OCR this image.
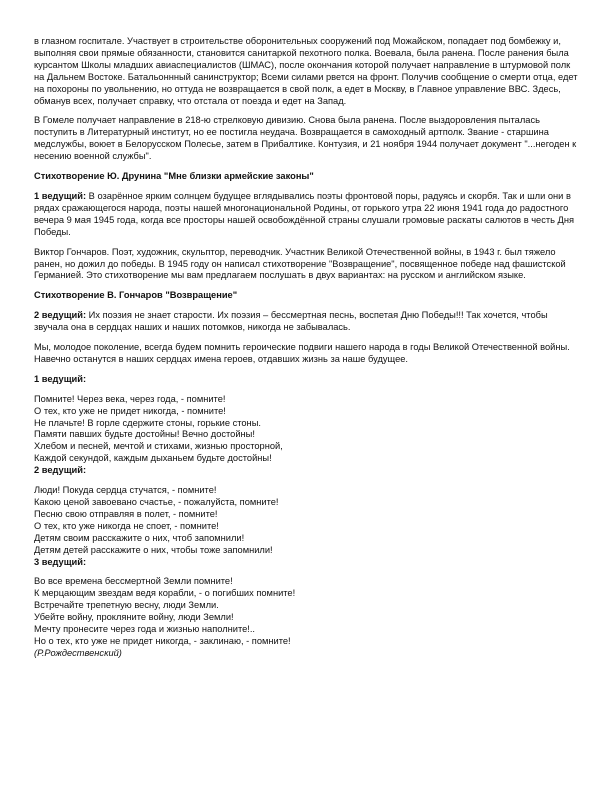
в глазном госпитале. Участвует в строительстве оборонительных сооружений под Можайском, попадает под бомбежку и, выполняя свои прямые обязанности, становится санитаркой пехотного полка. Воевала, была ранена. После ранения была курсантом Школы младших авиаспециалистов (ШМАС), после окончания которой получает направление в штурмовой полк на Дальнем Востоке. Батальоннный санинструктор; Всеми силами рвется на фронт. Получив сообщение о смерти отца, едет на похороны по увольнению, но оттуда не возвращается в свой полк, а едет в Москву, в Главное управление ВВС. Здесь, обманув всех, получает справку, что отстала от поезда и едет на Запад.

В Гомеле получает направление в 218-ю стрелковую дивизию. Снова была ранена. После выздоровления пыталась поступить в Литературный институт, но ее постигла неудача. Возвращается в самоходный артполк. Звание - старшина медслужбы, воюет в Белорусском Полесье, затем в Прибалтике. Контузия, и 21 ноября 1944 получает документ "...негоден к несению военной службы".

Стихотворение Ю. Друнина "Мне близки армейские законы"

1 ведущий: В озарённое ярким солнцем будущее вглядывались поэты фронтовой поры, радуясь и скорбя. Так и шли они в рядах сражающегося народа, поэты нашей многонациональной Родины, от горького утра 22 июня 1941 года до радостного вечера 9 мая 1945 года, когда все просторы нашей освобождённой страны слушали громовые раскаты салютов в честь Дня Победы.

Виктор Гончаров. Поэт, художник, скульптор, переводчик. Участник Великой Отечественной войны, в 1943 г. был тяжело ранен, но дожил до победы. В 1945 году он написал стихотворение "Возвращение", посвященное победе над фашистской Германией. Это стихотворение мы вам предлагаем послушать в двух вариантах: на русском и английском языке.

Стихотворение В. Гончаров "Возвращение"

2 ведущий: Их поэзия не знает старости. Их поэзия – бессмертная песнь, воспетая Дню Победы!!! Так хочется, чтобы звучала она в сердцах наших и наших потомков, никогда не забывалась.

Мы, молодое поколение, всегда будем помнить героические подвиги нашего народа в годы Великой Отечественной войны. Навечно останутся в наших сердцах имена героев, отдавших жизнь за наше будущее.

1 ведущий:

Помните! Через века, через года, - помните!
О тех, кто уже не придет никогда, - помните!
Не плачьте! В горле сдержите стоны, горькие стоны.
Памяти павших будьте достойны! Вечно достойны!
Хлебом и песней, мечтой и стихами, жизнью просторной,
Каждой секундой, каждым дыханьем будьте достойны!

2 ведущий:

Люди! Покуда сердца стучатся, - помните!
Какою ценой завоевано счастье, - пожалуйста, помните!
Песню свою отправляя в полет, - помните!
О тех, кто уже никогда не споет, - помните!
Детям своим расскажите о них, чтоб запомнили!
Детям детей расскажите о них, чтобы тоже запомнили!

3 ведущий:

Во все времена бессмертной Земли помните!
К мерцающим звездам ведя корабли, - о погибших помните!
Встречайте трепетную весну, люди Земли.
Убейте войну, прокляните войну, люди Земли!
Мечту пронесите через года и жизнью наполните!..
Но о тех, кто уже не придет никогда, - заклинаю, - помните!
(Р.Рождественский)
